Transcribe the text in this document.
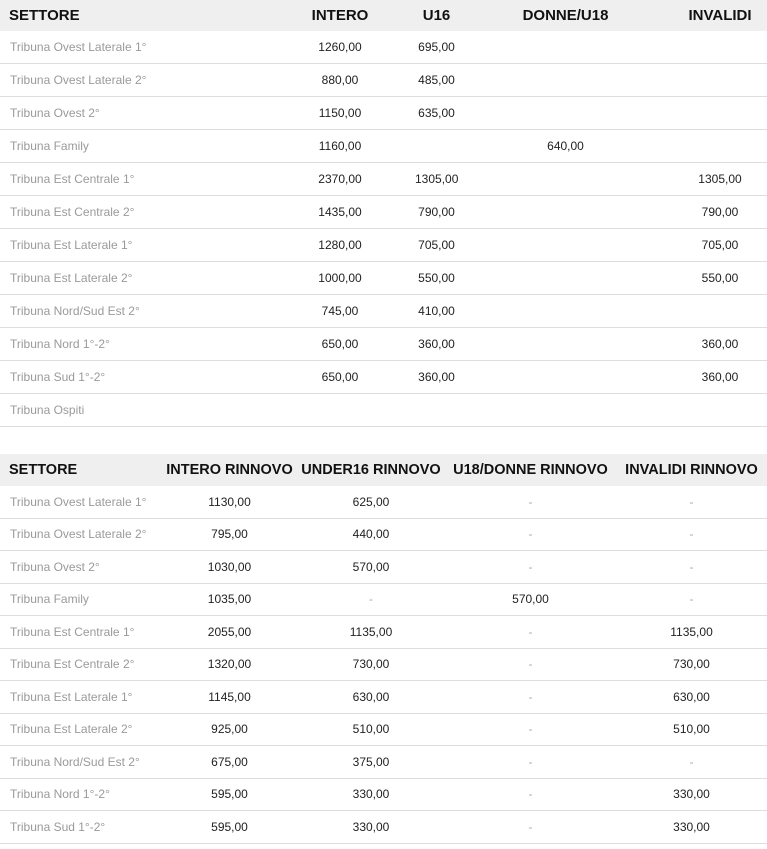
SETTORE	INTERO	U16	DONNE/U18	INVALIDI
Tribuna Ovest Laterale 1°	1260,00	695,00		
Tribuna Ovest Laterale 2°	880,00	485,00		
Tribuna Ovest 2°	1150,00	635,00		
Tribuna Family	1160,00		640,00	
Tribuna Est Centrale 1°	2370,00	1305,00		1305,00
Tribuna Est Centrale 2°	1435,00	790,00		790,00
Tribuna Est Laterale 1°	1280,00	705,00		705,00
Tribuna Est Laterale 2°	1000,00	550,00		550,00
Tribuna Nord/Sud Est 2°	745,00	410,00		
Tribuna Nord 1°-2°	650,00	360,00		360,00
Tribuna Sud 1°-2°	650,00	360,00		360,00
Tribuna Ospiti				
SETTORE	INTERO RINNOVO	UNDER16 RINNOVO	U18/DONNE RINNOVO	INVALIDI RINNOVO
Tribuna Ovest Laterale 1°	1130,00	625,00	-	-
Tribuna Ovest Laterale 2°	795,00	440,00	-	-
Tribuna Ovest 2°	1030,00	570,00	-	-
Tribuna Family	1035,00	-	570,00	-
Tribuna Est Centrale 1°	2055,00	1135,00	-	1135,00
Tribuna Est Centrale 2°	1320,00	730,00	-	730,00
Tribuna Est Laterale 1°	1145,00	630,00	-	630,00
Tribuna Est Laterale 2°	925,00	510,00	-	510,00
Tribuna Nord/Sud Est 2°	675,00	375,00	-	-
Tribuna Nord 1°-2°	595,00	330,00	-	330,00
Tribuna Sud 1°-2°	595,00	330,00	-	330,00
